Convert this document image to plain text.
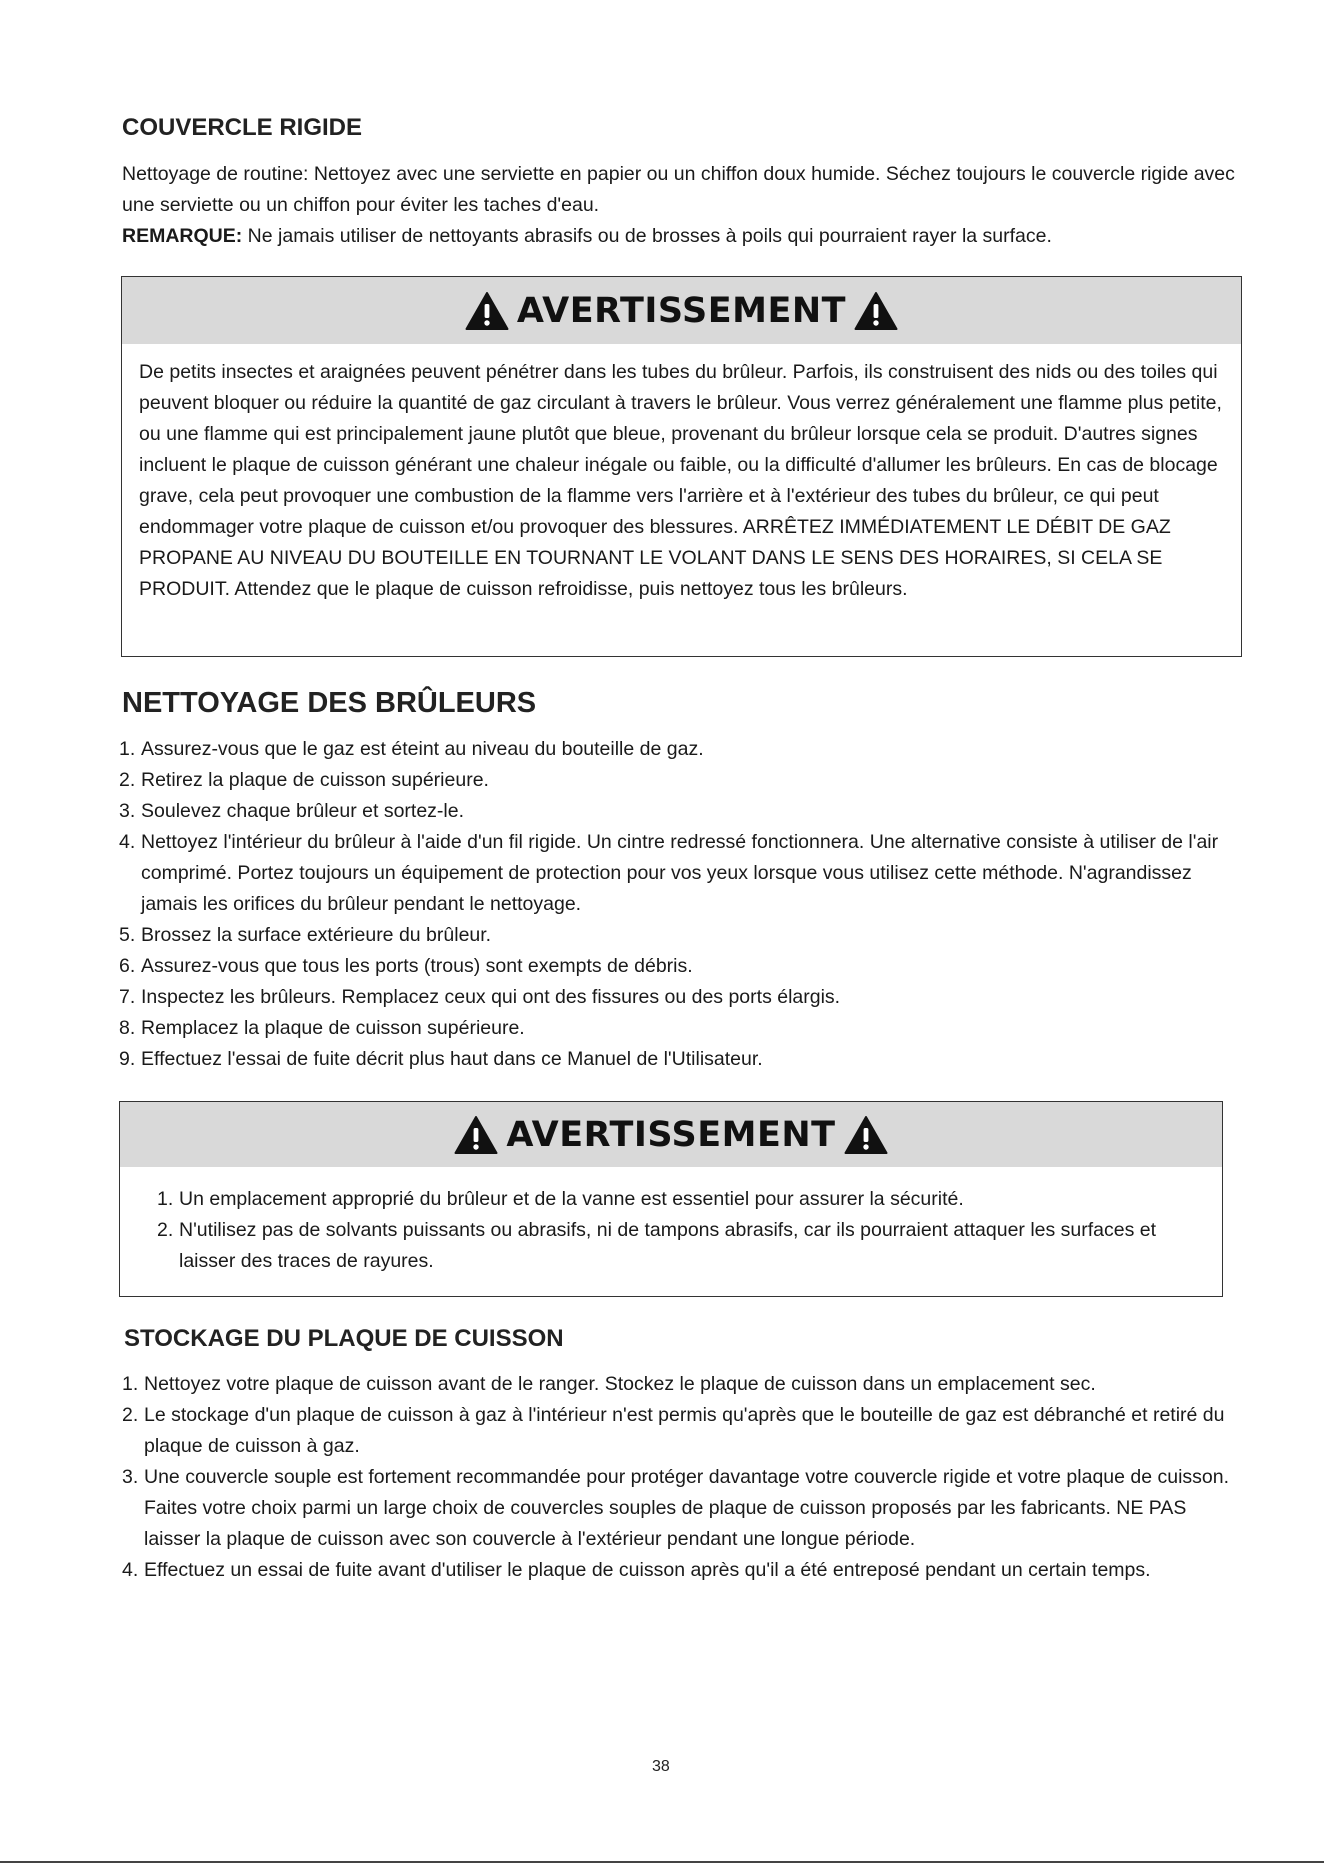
COUVERCLE RIGIDE
Nettoyage de routine: Nettoyez avec une serviette en papier ou un chiffon doux humide. Séchez toujours le couvercle rigide avec une serviette ou un chiffon pour éviter les taches d'eau.
REMARQUE: Ne jamais utiliser de nettoyants abrasifs ou de brosses à poils qui pourraient rayer la surface.
AVERTISSEMENT
De petits insectes et araignées peuvent pénétrer dans les tubes du brûleur. Parfois, ils construisent des nids ou des toiles qui peuvent bloquer ou réduire la quantité de gaz circulant à travers le brûleur. Vous verrez généralement une flamme plus petite, ou une flamme qui est principalement jaune plutôt que bleue, provenant du brûleur lorsque cela se produit. D'autres signes incluent le plaque de cuisson générant une chaleur inégale ou faible, ou la difficulté d'allumer les brûleurs. En cas de blocage grave, cela peut provoquer une combustion de la flamme vers l'arrière et à l'extérieur des tubes du brûleur, ce qui peut endommager votre plaque de cuisson et/ou provoquer des blessures. ARRÊTEZ IMMÉDIATEMENT LE DÉBIT DE GAZ PROPANE AU NIVEAU DU BOUTEILLE EN TOURNANT LE VOLANT DANS LE SENS DES HORAIRES, SI CELA SE PRODUIT. Attendez que le plaque de cuisson refroidisse, puis nettoyez tous les brûleurs.
NETTOYAGE DES BRÛLEURS
1. Assurez-vous que le gaz est éteint au niveau du bouteille de gaz.
2. Retirez la plaque de cuisson supérieure.
3. Soulevez chaque brûleur et sortez-le.
4. Nettoyez l'intérieur du brûleur à l'aide d'un fil rigide. Un cintre redressé fonctionnera. Une alternative consiste à utiliser de l'air comprimé. Portez toujours un équipement de protection pour vos yeux lorsque vous utilisez cette méthode. N'agrandissez jamais les orifices du brûleur pendant le nettoyage.
5. Brossez la surface extérieure du brûleur.
6. Assurez-vous que tous les ports (trous) sont exempts de débris.
7. Inspectez les brûleurs. Remplacez ceux qui ont des fissures ou des ports élargis.
8. Remplacez la plaque de cuisson supérieure.
9. Effectuez l'essai de fuite décrit plus haut dans ce Manuel de l'Utilisateur.
AVERTISSEMENT
1. Un emplacement approprié du brûleur et de la vanne est essentiel pour assurer la sécurité.
2. N'utilisez pas de solvants puissants ou abrasifs, ni de tampons abrasifs, car ils pourraient attaquer les surfaces et laisser des traces de rayures.
STOCKAGE DU PLAQUE DE CUISSON
1. Nettoyez votre plaque de cuisson avant de le ranger. Stockez le plaque de cuisson dans un emplacement sec.
2. Le stockage d'un plaque de cuisson à gaz à l'intérieur n'est permis qu'après que le bouteille de gaz est débranché et retiré du plaque de cuisson à gaz.
3. Une couvercle souple est fortement recommandée pour protéger davantage votre couvercle rigide et votre plaque de cuisson. Faites votre choix parmi un large choix de couvercles souples de plaque de cuisson proposés par les fabricants. NE PAS laisser la plaque de cuisson avec son couvercle à l'extérieur pendant une longue période.
4. Effectuez un essai de fuite avant d'utiliser le plaque de cuisson après qu'il a été entreposé pendant un certain temps.
38
